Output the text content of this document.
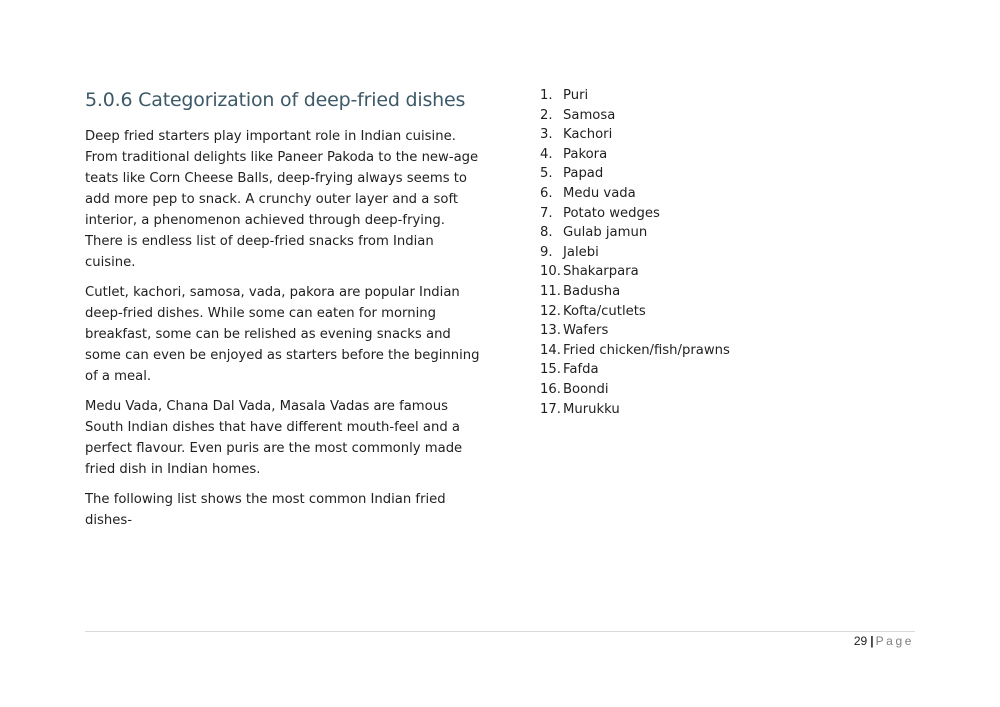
5.0.6 Categorization of deep-fried dishes

Deep fried starters play important role in Indian cuisine. From traditional delights like Paneer Pakoda to the new-age teats like Corn Cheese Balls, deep-frying always seems to add more pep to snack. A crunchy outer layer and a soft interior, a phenomenon achieved through deep-frying. There is endless list of deep-fried snacks from Indian cuisine.

Cutlet, kachori, samosa, vada, pakora are popular Indian deep-fried dishes. While some can eaten for morning breakfast, some can be relished as evening snacks and some can even be enjoyed as starters before the beginning of a meal.

Medu Vada, Chana Dal Vada, Masala Vadas are famous South Indian dishes that have different mouth-feel and a perfect flavour. Even puris are the most commonly made fried dish in Indian homes.

The following list shows the most common Indian fried dishes-

1. Puri
2. Samosa
3. Kachori
4. Pakora
5. Papad
6. Medu vada
7. Potato wedges
8. Gulab jamun
9. Jalebi
10. Shakarpara
11. Badusha
12. Kofta/cutlets
13. Wafers
14. Fried chicken/fish/prawns
15. Fafda
16. Boondi
17. Murukku
29 | Page
